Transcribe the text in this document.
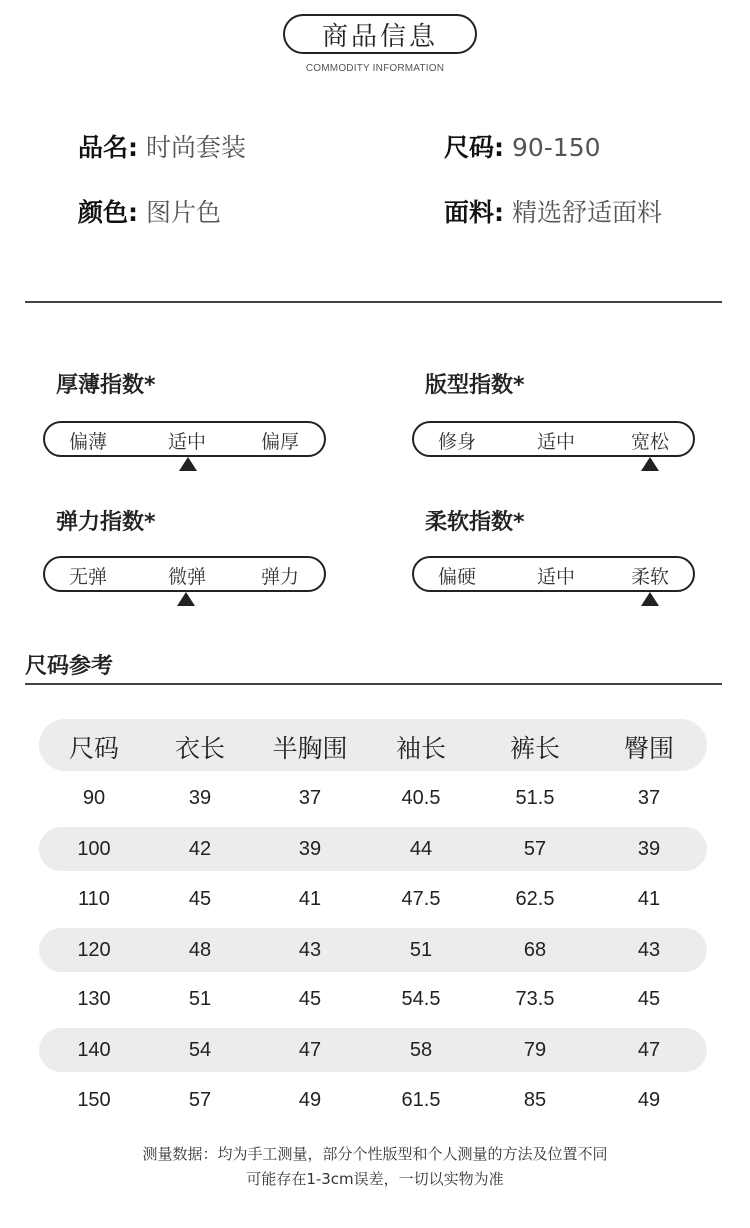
商品信息
COMMODITY INFORMATION
品名: 时尚套装	尺码: 90-150
颜色: 图片色	面料: 精选舒适面料
厚薄指数*
偏薄	适中	偏厚
版型指数*
修身	适中	宽松
弹力指数*
无弹	微弹	弹力
柔软指数*
偏硬	适中	柔软
尺码参考
尺码	衣长	半胸围	袖长	裤长	臀围
90	39	37	40.5	51.5	37
100	42	39	44	57	39
110	45	41	47.5	62.5	41
120	48	43	51	68	43
130	51	45	54.5	73.5	45
140	54	47	58	79	47
150	57	49	61.5	85	49
测量数据：均为手工测量，部分个性版型和个人测量的方法及位置不同
可能存在1-3cm误差，一切以实物为准
